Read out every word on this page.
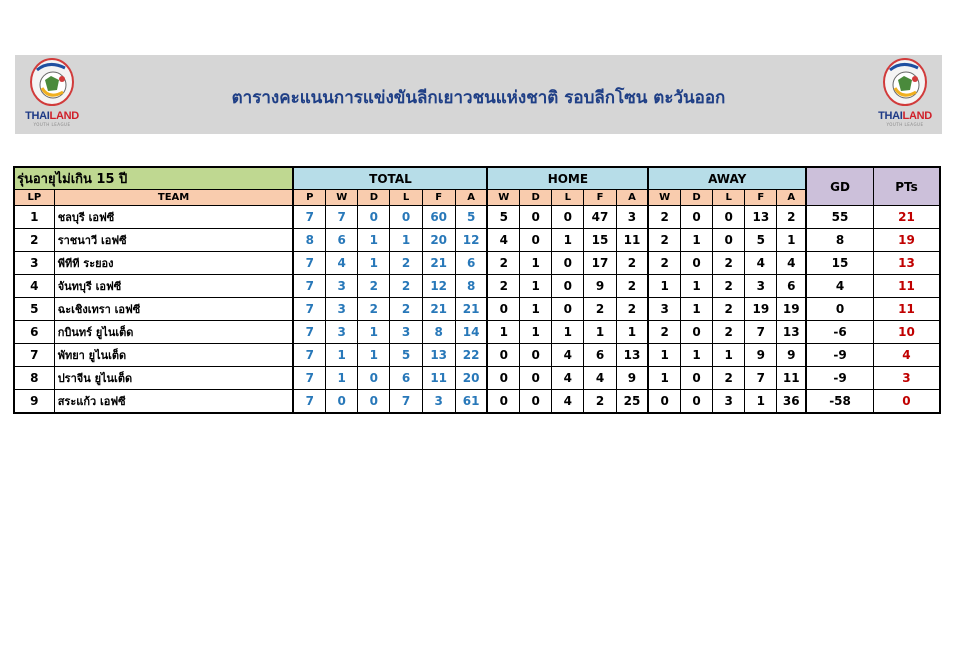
THAILAND
YOUTH LEAGUE
ตารางคะแนนการแข่งขันลีกเยาวชนแห่งชาติ รอบลีกโซน ตะวันออก
THAILAND
YOUTH LEAGUE
รุ่นอายุไม่เกิน 15 ปี		TOTAL						HOME					AWAY					GD	PTs
LP	TEAM	P	W	D	L	F	A	W	D	L	F	A	W	D	L	F	A		
1	ชลบุรี เอฟซี	7	7	0	0	60	5	5	0	0	47	3	2	0	0	13	2	55	21
2	ราชนาวี เอฟซี	8	6	1	1	20	12	4	0	1	15	11	2	1	0	5	1	8	19
3	พีทีที ระยอง	7	4	1	2	21	6	2	1	0	17	2	2	0	2	4	4	15	13
4	จันทบุรี เอฟซี	7	3	2	2	12	8	2	1	0	9	2	1	1	2	3	6	4	11
5	ฉะเชิงเทรา เอฟซี	7	3	2	2	21	21	0	1	0	2	2	3	1	2	19	19	0	11
6	กบินทร์ ยูไนเต็ด	7	3	1	3	8	14	1	1	1	1	1	2	0	2	7	13	-6	10
7	พัทยา ยูไนเต็ด	7	1	1	5	13	22	0	0	4	6	13	1	1	1	9	9	-9	4
8	ปราจีน ยูไนเต็ด	7	1	0	6	11	20	0	0	4	4	9	1	0	2	7	11	-9	3
9	สระแก้ว เอฟซี	7	0	0	7	3	61	0	0	4	2	25	0	0	3	1	36	-58	0
